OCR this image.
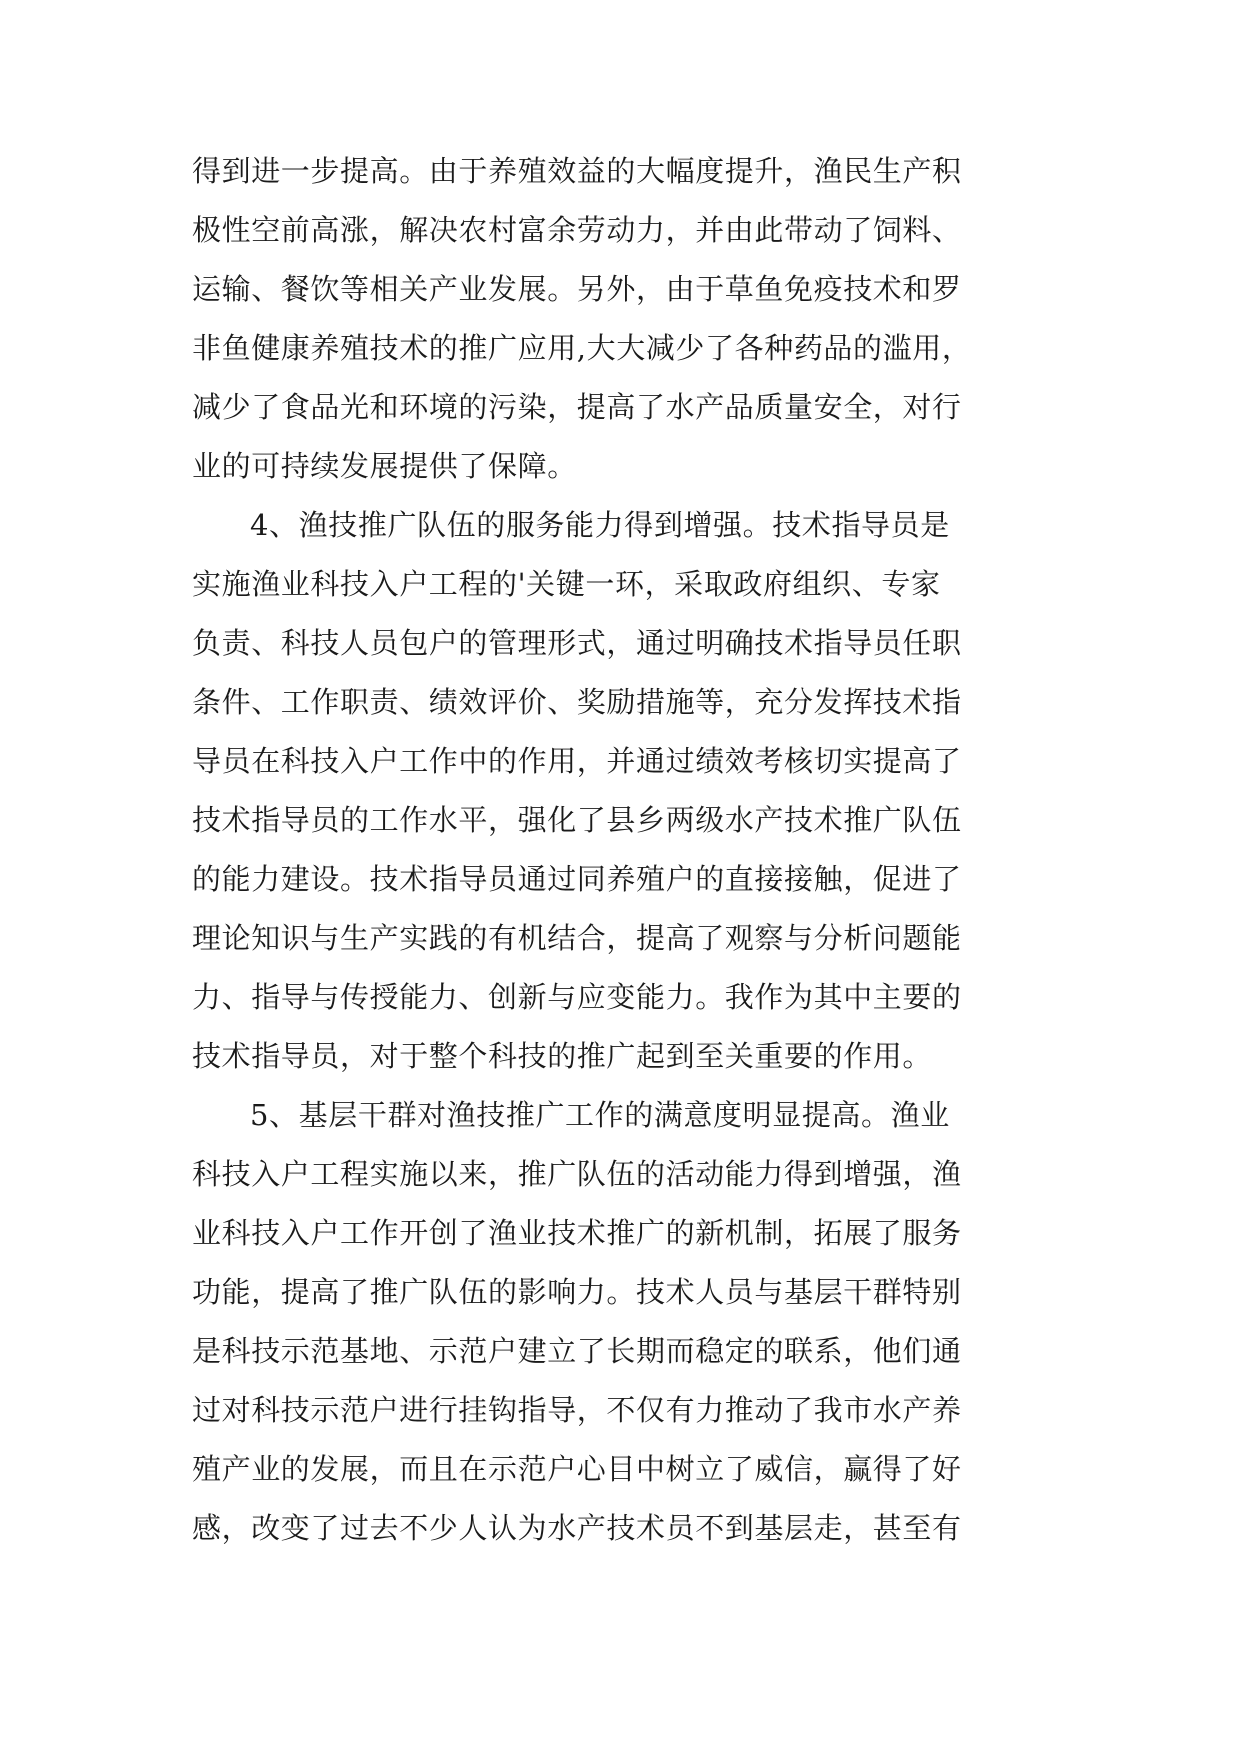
得到进一步提高。由于养殖效益的大幅度提升，渔民生产积
极性空前高涨，解决农村富余劳动力，并由此带动了饲料、
运输、餐饮等相关产业发展。另外，由于草鱼免疫技术和罗
非鱼健康养殖技术的推广应用,大大减少了各种药品的滥用，
减少了食品光和环境的污染，提高了水产品质量安全，对行
业的可持续发展提供了保障。
4、渔技推广队伍的服务能力得到增强。技术指导员是
实施渔业科技入户工程的'关键一环，采取政府组织、专家
负责、科技人员包户的管理形式，通过明确技术指导员任职
条件、工作职责、绩效评价、奖励措施等，充分发挥技术指
导员在科技入户工作中的作用，并通过绩效考核切实提高了
技术指导员的工作水平，强化了县乡两级水产技术推广队伍
的能力建设。技术指导员通过同养殖户的直接接触，促进了
理论知识与生产实践的有机结合，提高了观察与分析问题能
力、指导与传授能力、创新与应变能力。我作为其中主要的
技术指导员，对于整个科技的推广起到至关重要的作用。
5、基层干群对渔技推广工作的满意度明显提高。渔业
科技入户工程实施以来，推广队伍的活动能力得到增强，渔
业科技入户工作开创了渔业技术推广的新机制，拓展了服务
功能，提高了推广队伍的影响力。技术人员与基层干群特别
是科技示范基地、示范户建立了长期而稳定的联系，他们通
过对科技示范户进行挂钩指导，不仅有力推动了我市水产养
殖产业的发展，而且在示范户心目中树立了威信，赢得了好
感，改变了过去不少人认为水产技术员不到基层走，甚至有
